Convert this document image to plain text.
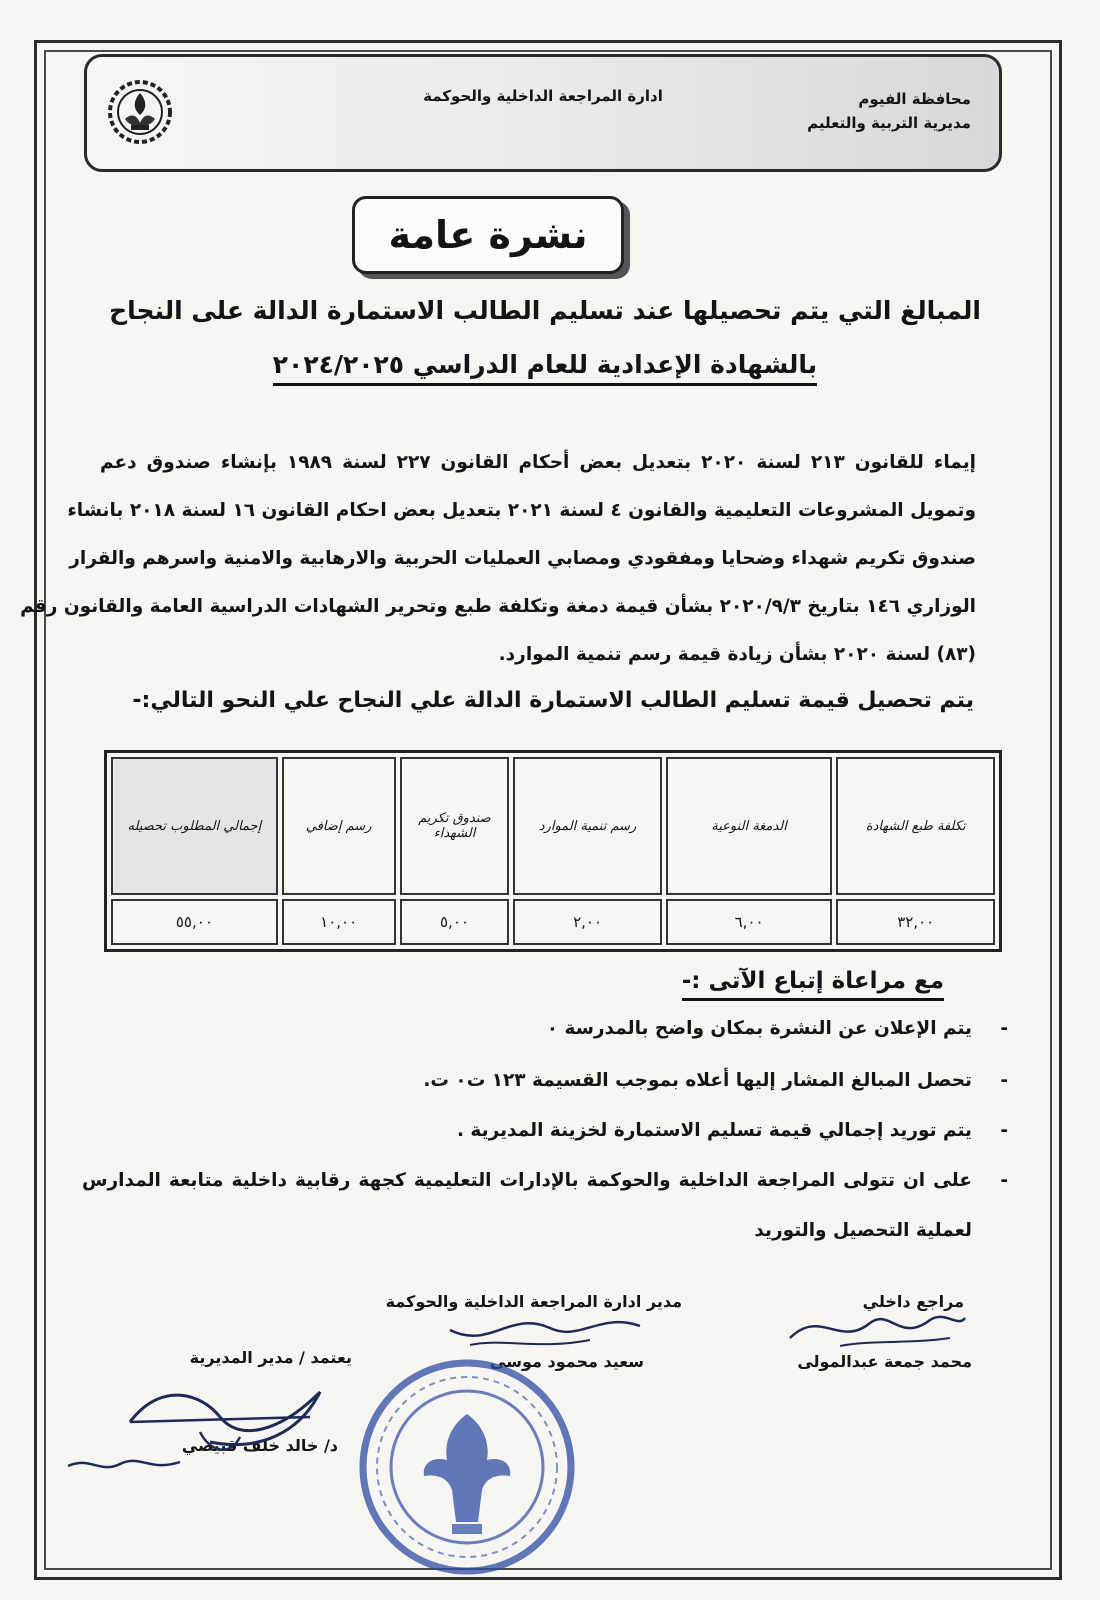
محافظة الفيوم
مديرية التربية والتعليم
ادارة المراجعة الداخلية والحوكمة
نشرة عامة
المبالغ التي يتم تحصيلها عند تسليم الطالب الاستمارة الدالة على النجاح
بالشهادة الإعدادية للعام الدراسي ٢٠٢٤/٢٠٢٥
إيماء للقانون ٢١٣ لسنة ٢٠٢٠ بتعديل بعض أحكام القانون ٢٢٧ لسنة ١٩٨٩ بإنشاء صندوق دعم
وتمويل المشروعات التعليمية والقانون ٤ لسنة ٢٠٢١ بتعديل بعض احكام القانون ١٦ لسنة ٢٠١٨ بانشاء
صندوق تكريم شهداء وضحايا ومفقودي ومصابي العمليات الحربية والارهابية والامنية واسرهم والقرار
الوزاري ١٤٦ بتاريخ ٢٠٢٠/٩/٣ بشأن قيمة دمغة وتكلفة طبع وتحرير الشهادات الدراسية العامة والقانون رقم
(٨٣) لسنة ٢٠٢٠ بشأن زيادة قيمة رسم تنمية الموارد.
يتم تحصيل قيمة تسليم الطالب الاستمارة الدالة علي النجاح علي النحو التالي:-
تكلفة طبع الشهادة	الدمغة النوعية	رسم تنمية الموارد	صندوق تكريم الشهداء	رسم إضافي	إجمالي المطلوب تحصيله
٣٢,٠٠	٦,٠٠	٢,٠٠	٥,٠٠	١٠,٠٠	٥٥,٠٠
مع مراعاة إتباع الآتى :-
-
يتم الإعلان عن النشرة بمكان واضح بالمدرسة ٠
-
تحصل المبالغ المشار إليها أعلاه بموجب القسيمة ١٢٣ ت٠ ت.
-
يتم توريد إجمالي قيمة تسليم الاستمارة لخزينة المديرية .
-
على ان تتولى المراجعة الداخلية والحوكمة بالإدارات التعليمية كجهة رقابية داخلية متابعة المدارس
لعملية التحصيل والتوريد
مراجع داخلي
محمد جمعة عبدالمولى
مدير ادارة المراجعة الداخلية والحوكمة
سعيد محمود موسى
يعتمد / مدير المديرية
د/ خالد خلف قبيصي
